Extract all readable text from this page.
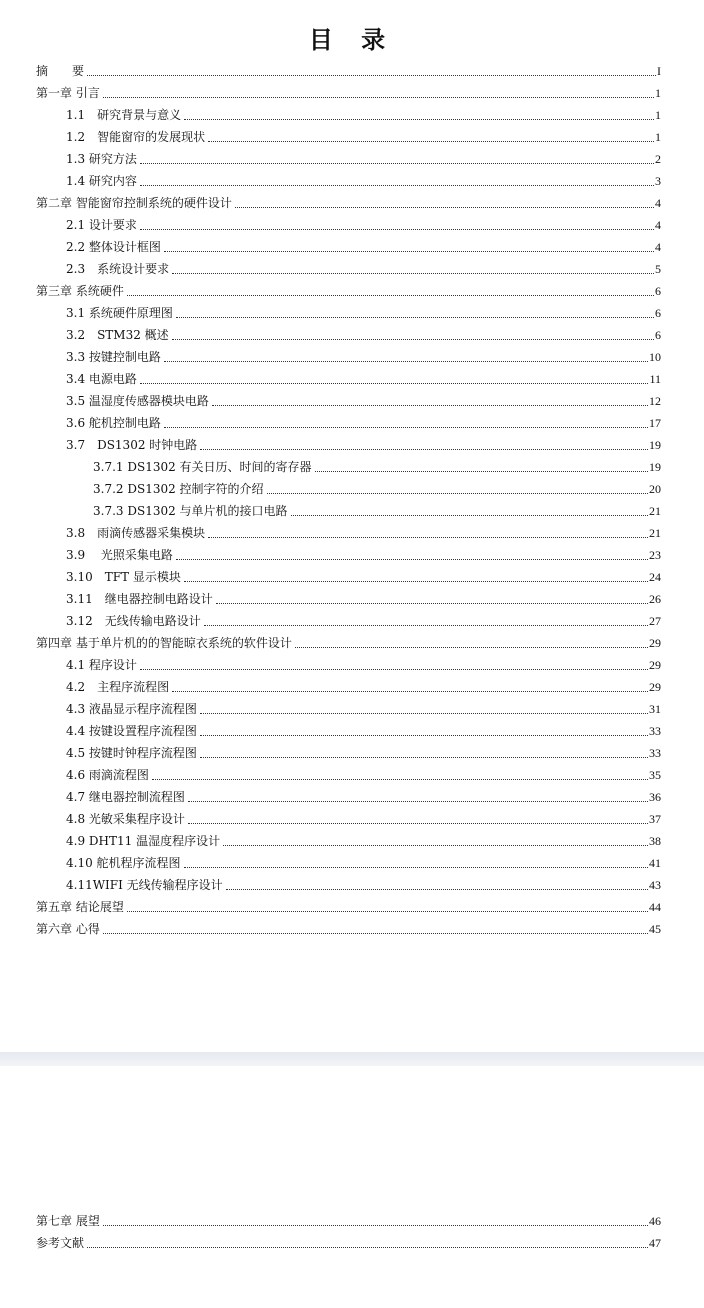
目 录
摘　　要	I
第一章 引言	1
1.1　研究背景与意义	1
1.2　智能窗帘的发展现状	1
1.3 研究方法	2
1.4 研究内容	3
第二章 智能窗帘控制系统的硬件设计	4
2.1 设计要求	4
2.2 整体设计框图	4
2.3　系统设计要求	5
第三章 系统硬件	6
3.1 系统硬件原理图	6
3.2　STM32 概述	6
3.3 按键控制电路	10
3.4 电源电路	11
3.5 温湿度传感器模块电路	12
3.6 舵机控制电路	17
3.7　DS1302 时钟电路	19
3.7.1 DS1302 有关日历、时间的寄存器	19
3.7.2 DS1302 控制字符的介绍	20
3.7.3 DS1302 与单片机的接口电路	21
3.8　雨滴传感器采集模块	21
3.9　 光照采集电路	23
3.10　TFT 显示模块	24
3.11　继电器控制电路设计	26
3.12　无线传输电路设计	27
第四章 基于单片机的的智能晾衣系统的软件设计	29
4.1 程序设计	29
4.2　主程序流程图	29
4.3 液晶显示程序流程图	31
4.4 按键设置程序流程图	33
4.5 按键时钟程序流程图	33
4.6 雨滴流程图	35
4.7 继电器控制流程图	36
4.8 光敏采集程序设计	37
4.9 DHT11 温湿度程序设计	38
4.10 舵机程序流程图	41
4.11WIFI 无线传输程序设计	43
第五章 结论展望	44
第六章 心得	45
第七章 展望	46
参考文献	47
